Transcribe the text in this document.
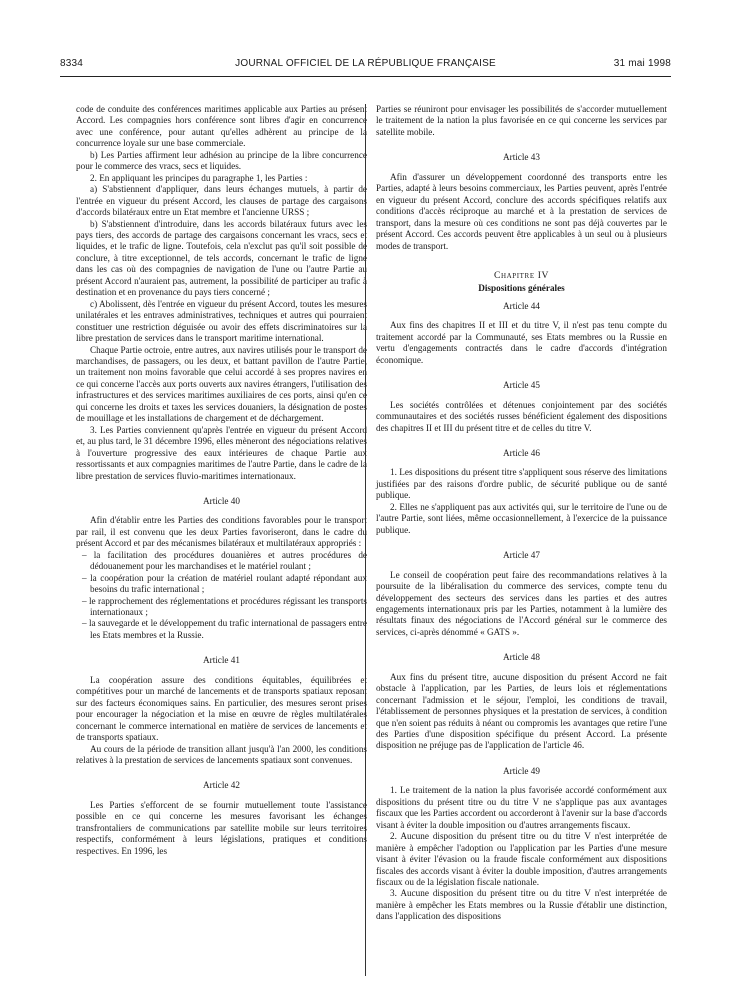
8334	JOURNAL OFFICIEL DE LA RÉPUBLIQUE FRANÇAISE	31 mai 1998

code de conduite des conférences maritimes applicable aux Parties au présent Accord. Les compagnies hors conférence sont libres d'agir en concurrence avec une conférence, pour autant qu'elles adhèrent au principe de la concurrence loyale sur une base commerciale.

b) Les Parties affirment leur adhésion au principe de la libre concurrence pour le commerce des vracs, secs et liquides.

2. En appliquant les principes du paragraphe 1, les Parties :

a) S'abstiennent d'appliquer, dans leurs échanges mutuels, à partir de l'entrée en vigueur du présent Accord, les clauses de partage des cargaisons d'accords bilatéraux entre un Etat membre et l'ancienne URSS ;

b) S'abstiennent d'introduire, dans les accords bilatéraux futurs avec les pays tiers, des accords de partage des cargaisons concernant les vracs, secs et liquides, et le trafic de ligne. Toutefois, cela n'exclut pas qu'il soit possible de conclure, à titre exceptionnel, de tels accords, concernant le trafic de ligne dans les cas où des compagnies de navigation de l'une ou l'autre Partie au présent Accord n'auraient pas, autrement, la possibilité de participer au trafic à destination et en provenance du pays tiers concerné ;

c) Abolissent, dès l'entrée en vigueur du présent Accord, toutes les mesures unilatérales et les entraves administratives, techniques et autres qui pourraient constituer une restriction déguisée ou avoir des effets discriminatoires sur la libre prestation de services dans le transport maritime international.

Chaque Partie octroie, entre autres, aux navires utilisés pour le transport de marchandises, de passagers, ou les deux, et battant pavillon de l'autre Partie, un traitement non moins favorable que celui accordé à ses propres navires en ce qui concerne l'accès aux ports ouverts aux navires étrangers, l'utilisation des infrastructures et des services maritimes auxiliaires de ces ports, ainsi qu'en ce qui concerne les droits et taxes les services douaniers, la désignation de postes de mouillage et les installations de chargement et de déchargement.

3. Les Parties conviennent qu'après l'entrée en vigueur du présent Accord et, au plus tard, le 31 décembre 1996, elles mèneront des négociations relatives à l'ouverture progressive des eaux intérieures de chaque Partie aux ressortissants et aux compagnies maritimes de l'autre Partie, dans le cadre de la libre prestation de services fluvio-maritimes internationaux.

Article 40

Afin d'établir entre les Parties des conditions favorables pour le transport par rail, il est convenu que les deux Parties favoriseront, dans le cadre du présent Accord et par des mécanismes bilatéraux et multilatéraux appropriés :

– la facilitation des procédures douanières et autres procédures de dédouanement pour les marchandises et le matériel roulant ;
– la coopération pour la création de matériel roulant adapté répondant aux besoins du trafic international ;
– le rapprochement des réglementations et procédures régissant les transports internationaux ;
– la sauvegarde et le développement du trafic international de passagers entre les Etats membres et la Russie.

Article 41

La coopération assure des conditions équitables, équilibrées et compétitives pour un marché de lancements et de transports spatiaux reposant sur des facteurs économiques sains. En particulier, des mesures seront prises pour encourager la négociation et la mise en œuvre de règles multilatérales concernant le commerce international en matière de services de lancements et de transports spatiaux.

Au cours de la période de transition allant jusqu'à l'an 2000, les conditions relatives à la prestation de services de lancements spatiaux sont convenues.

Article 42

Les Parties s'efforcent de se fournir mutuellement toute l'assistance possible en ce qui concerne les mesures favorisant les échanges transfrontaliers de communications par satellite mobile sur leurs territoires respectifs, conformément à leurs législations, pratiques et conditions respectives. En 1996, les

Parties se réuniront pour envisager les possibilités de s'accorder mutuellement le traitement de la nation la plus favorisée en ce qui concerne les services par satellite mobile.

Article 43

Afin d'assurer un développement coordonné des transports entre les Parties, adapté à leurs besoins commerciaux, les Parties peuvent, après l'entrée en vigueur du présent Accord, conclure des accords spécifiques relatifs aux conditions d'accès réciproque au marché et à la prestation de services de transport, dans la mesure où ces conditions ne sont pas déjà couvertes par le présent Accord. Ces accords peuvent être applicables à un seul ou à plusieurs modes de transport.

Chapitre IV

Dispositions générales

Article 44

Aux fins des chapitres II et III et du titre V, il n'est pas tenu compte du traitement accordé par la Communauté, ses Etats membres ou la Russie en vertu d'engagements contractés dans le cadre d'accords d'intégration économique.

Article 45

Les sociétés contrôlées et détenues conjointement par des sociétés communautaires et des sociétés russes bénéficient également des dispositions des chapitres II et III du présent titre et de celles du titre V.

Article 46

1. Les dispositions du présent titre s'appliquent sous réserve des limitations justifiées par des raisons d'ordre public, de sécurité publique ou de santé publique.

2. Elles ne s'appliquent pas aux activités qui, sur le territoire de l'une ou de l'autre Partie, sont liées, même occasionnellement, à l'exercice de la puissance publique.

Article 47

Le conseil de coopération peut faire des recommandations relatives à la poursuite de la libéralisation du commerce des services, compte tenu du développement des secteurs des services dans les parties et des autres engagements internationaux pris par les Parties, notamment à la lumière des résultats finaux des négociations de l'Accord général sur le commerce des services, ci-après dénommé « GATS ».

Article 48

Aux fins du présent titre, aucune disposition du présent Accord ne fait obstacle à l'application, par les Parties, de leurs lois et réglementations concernant l'admission et le séjour, l'emploi, les conditions de travail, l'établissement de personnes physiques et la prestation de services, à condition que n'en soient pas réduits à néant ou compromis les avantages que retire l'une des Parties d'une disposition spécifique du présent Accord. La présente disposition ne préjuge pas de l'application de l'article 46.

Article 49

1. Le traitement de la nation la plus favorisée accordé conformément aux dispositions du présent titre ou du titre V ne s'applique pas aux avantages fiscaux que les Parties accordent ou accorderont à l'avenir sur la base d'accords visant à éviter la double imposition ou d'autres arrangements fiscaux.

2. Aucune disposition du présent titre ou du titre V n'est interprétée de manière à empêcher l'adoption ou l'application par les Parties d'une mesure visant à éviter l'évasion ou la fraude fiscale conformément aux dispositions fiscales des accords visant à éviter la double imposition, d'autres arrangements fiscaux ou de la législation fiscale nationale.

3. Aucune disposition du présent titre ou du titre V n'est interprétée de manière à empêcher les Etats membres ou la Russie d'établir une distinction, dans l'application des dispositions
